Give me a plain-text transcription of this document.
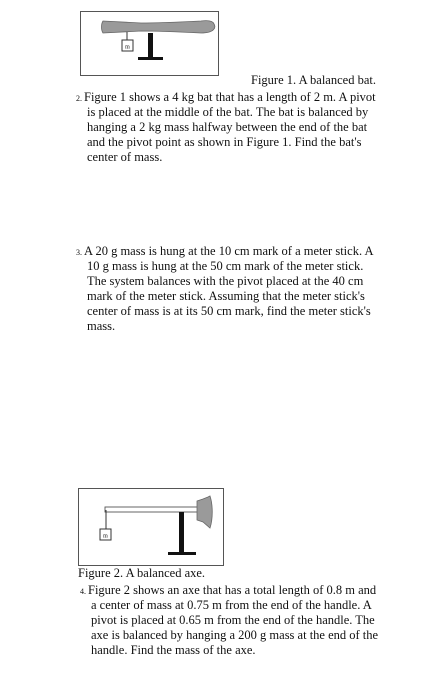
m
Figure 1. A balanced bat.
2. Figure 1 shows a 4 kg bat that has a length of 2 m. A pivot
is placed at the middle of the bat. The bat is balanced by
hanging a 2 kg mass halfway between the end of the bat
and the pivot point as shown in Figure 1. Find the bat's
center of mass.
3. A 20 g mass is hung at the 10 cm mark of a meter stick. A
10 g mass is hung at the 50 cm mark of the meter stick.
The system balances with the pivot placed at the 40 cm
mark of the meter stick. Assuming that the meter stick's
center of mass is at its 50 cm mark, find the meter stick's
mass.
m
Figure 2. A balanced axe.
4. Figure 2 shows an axe that has a total length of 0.8 m and
a center of mass at 0.75 m from the end of the handle. A
pivot is placed at 0.65 m from the end of the handle. The
axe is balanced by hanging a 200 g mass at the end of the
handle. Find the mass of the axe.
